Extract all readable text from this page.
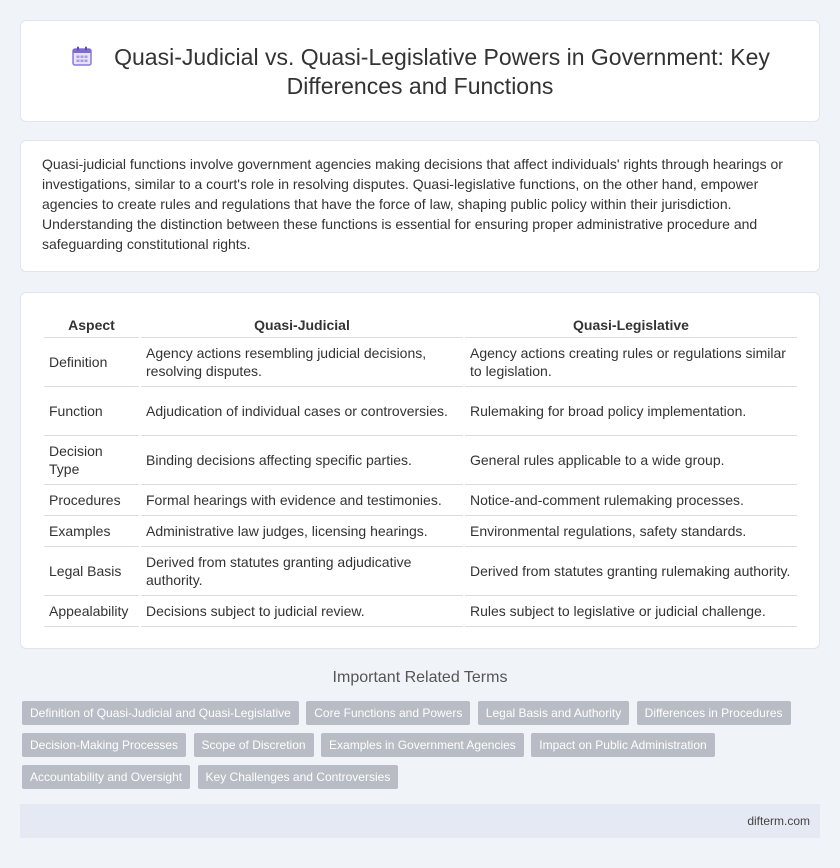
Quasi-Judicial vs. Quasi-Legislative Powers in Government: Key Differences and Functions

Quasi-judicial functions involve government agencies making decisions that affect individuals' rights through hearings or investigations, similar to a court's role in resolving disputes. Quasi-legislative functions, on the other hand, empower agencies to create rules and regulations that have the force of law, shaping public policy within their jurisdiction. Understanding the distinction between these functions is essential for ensuring proper administrative procedure and safeguarding constitutional rights.

Aspect	Quasi-Judicial	Quasi-Legislative
Definition	Agency actions resembling judicial decisions, resolving disputes.	Agency actions creating rules or regulations similar to legislation.
Function	Adjudication of individual cases or controversies.	Rulemaking for broad policy implementation.
Decision Type	Binding decisions affecting specific parties.	General rules applicable to a wide group.
Procedures	Formal hearings with evidence and testimonies.	Notice-and-comment rulemaking processes.
Examples	Administrative law judges, licensing hearings.	Environmental regulations, safety standards.
Legal Basis	Derived from statutes granting adjudicative authority.	Derived from statutes granting rulemaking authority.
Appealability	Decisions subject to judicial review.	Rules subject to legislative or judicial challenge.
Important Related Terms
Definition of Quasi-Judicial and Quasi-Legislative Core Functions and Powers Legal Basis and Authority Differences in Procedures Decision-Making Processes Scope of Discretion Examples in Government Agencies Impact on Public Administration Accountability and Oversight Key Challenges and Controversies
difterm.com
